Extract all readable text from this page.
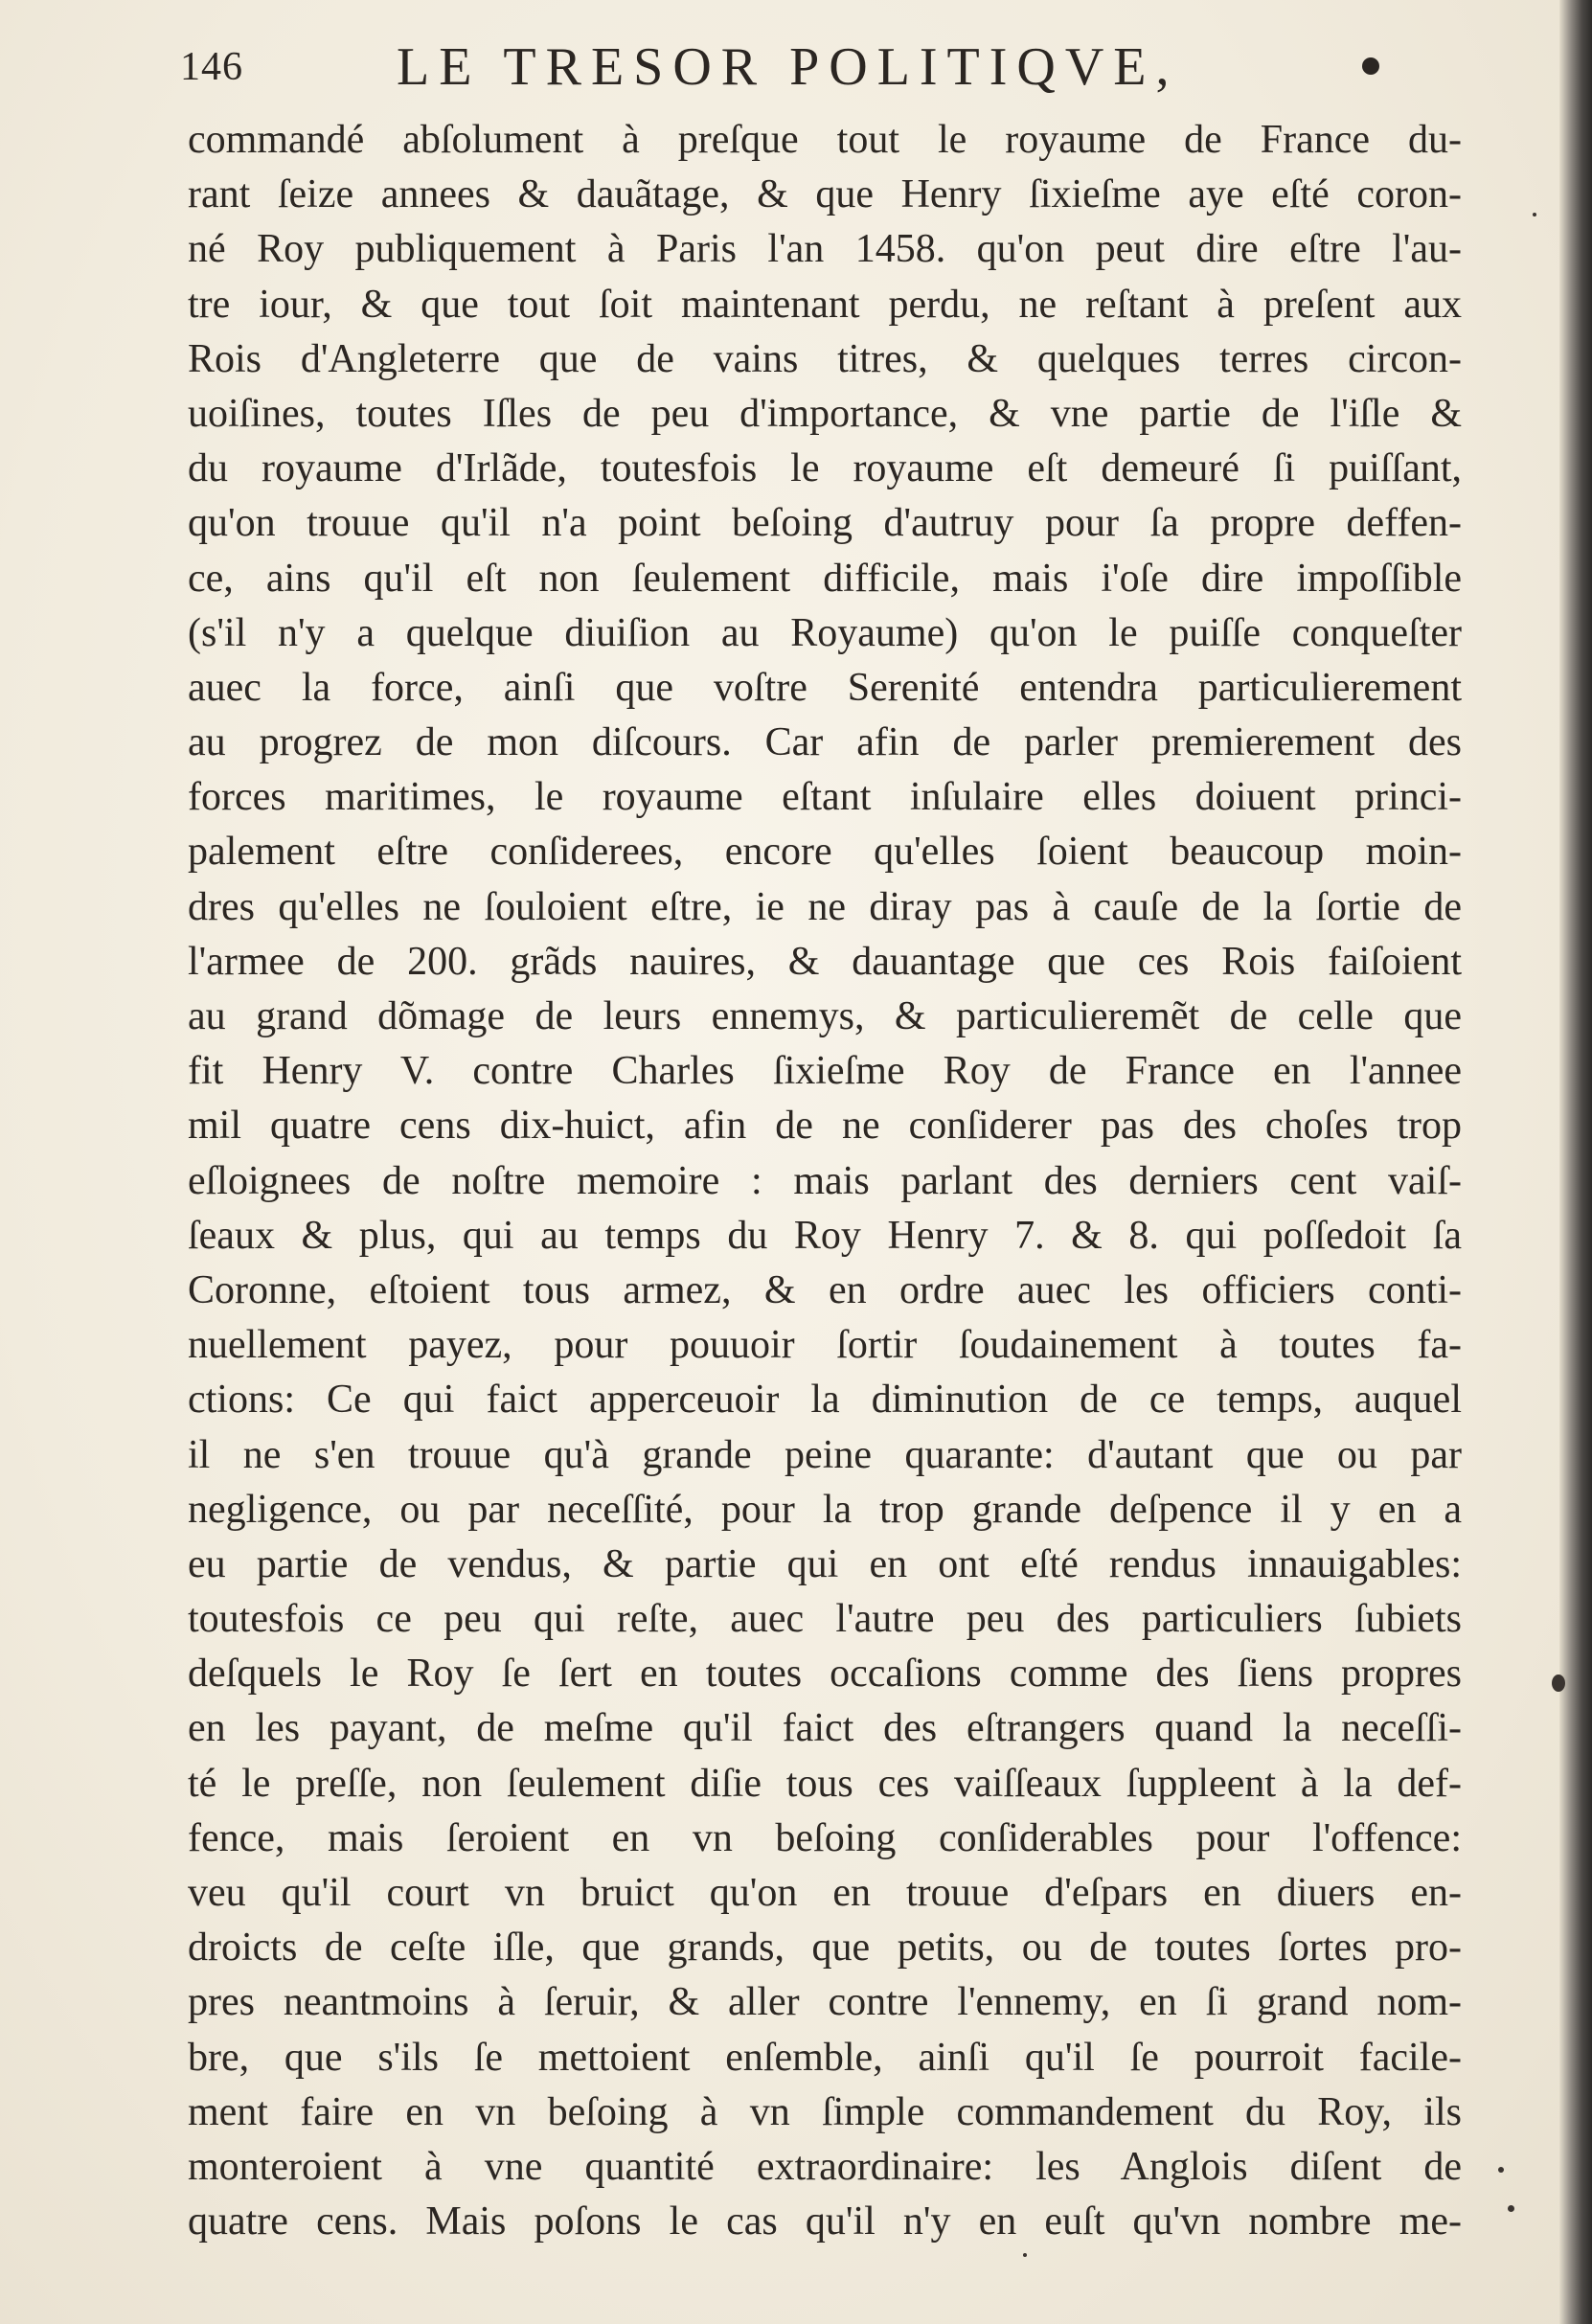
146	LE TRESOR POLITIQVE,
commandé abſolument à preſque tout le royaume de France du-
rant ſeize annees & dauãtage, & que Henry ſixieſme aye eſté coron-
né Roy publiquement à Paris l'an 1458. qu'on peut dire eſtre l'au-
tre iour, & que tout ſoit maintenant perdu, ne reſtant à preſent aux
Rois d'Angleterre que de vains titres, & quelques terres circon-
uoiſines, toutes Iſles de peu d'importance, & vne partie de l'iſle &
du royaume d'Irlãde, toutesfois le royaume eſt demeuré ſi puiſſant,
qu'on trouue qu'il n'a point beſoing d'autruy pour ſa propre deffen-
ce, ains qu'il eſt non ſeulement difficile, mais i'oſe dire impoſſible
(s'il n'y a quelque diuiſion au Royaume) qu'on le puiſſe conqueſter
auec la force, ainſi que voſtre Serenité entendra particulierement
au progrez de mon diſcours. Car afin de parler premierement des
forces maritimes, le royaume eſtant inſulaire elles doiuent princi-
palement eſtre conſiderees, encore qu'elles ſoient beaucoup moin-
dres qu'elles ne ſouloient eſtre, ie ne diray pas à cauſe de la ſortie de
l'armee de 200. grãds nauires, & dauantage que ces Rois faiſoient
au grand dõmage de leurs ennemys, & particulieremẽt de celle que
fit Henry V. contre Charles ſixieſme Roy de France en l'annee
mil quatre cens dix-huict, afin de ne conſiderer pas des choſes trop
eſloignees de noſtre memoire : mais parlant des derniers cent vaiſ-
ſeaux & plus, qui au temps du Roy Henry 7. & 8. qui poſſedoit ſa
Coronne, eſtoient tous armez, & en ordre auec les officiers conti-
nuellement payez, pour pouuoir ſortir ſoudainement à toutes fa-
ctions: Ce qui faict apperceuoir la diminution de ce temps, auquel
il ne s'en trouue qu'à grande peine quarante: d'autant que ou par
negligence, ou par neceſſité, pour la trop grande deſpence il y en a
eu partie de vendus, & partie qui en ont eſté rendus innauigables:
toutesfois ce peu qui reſte, auec l'autre peu des particuliers ſubiets
deſquels le Roy ſe ſert en toutes occaſions comme des ſiens propres
en les payant, de meſme qu'il faict des eſtrangers quand la neceſſi-
té le preſſe, non ſeulement diſie tous ces vaiſſeaux ſuppleent à la def-
fence, mais ſeroient en vn beſoing conſiderables pour l'offence:
veu qu'il court vn bruict qu'on en trouue d'eſpars en diuers en-
droicts de ceſte iſle, que grands, que petits, ou de toutes ſortes pro-
pres neantmoins à ſeruir, & aller contre l'ennemy, en ſi grand nom-
bre, que s'ils ſe mettoient enſemble, ainſi qu'il ſe pourroit facile-
ment faire en vn beſoing à vn ſimple commandement du Roy, ils
monteroient à vne quantité extraordinaire: les Anglois diſent de
quatre cens. Mais poſons le cas qu'il n'y en euſt qu'vn nombre me-
